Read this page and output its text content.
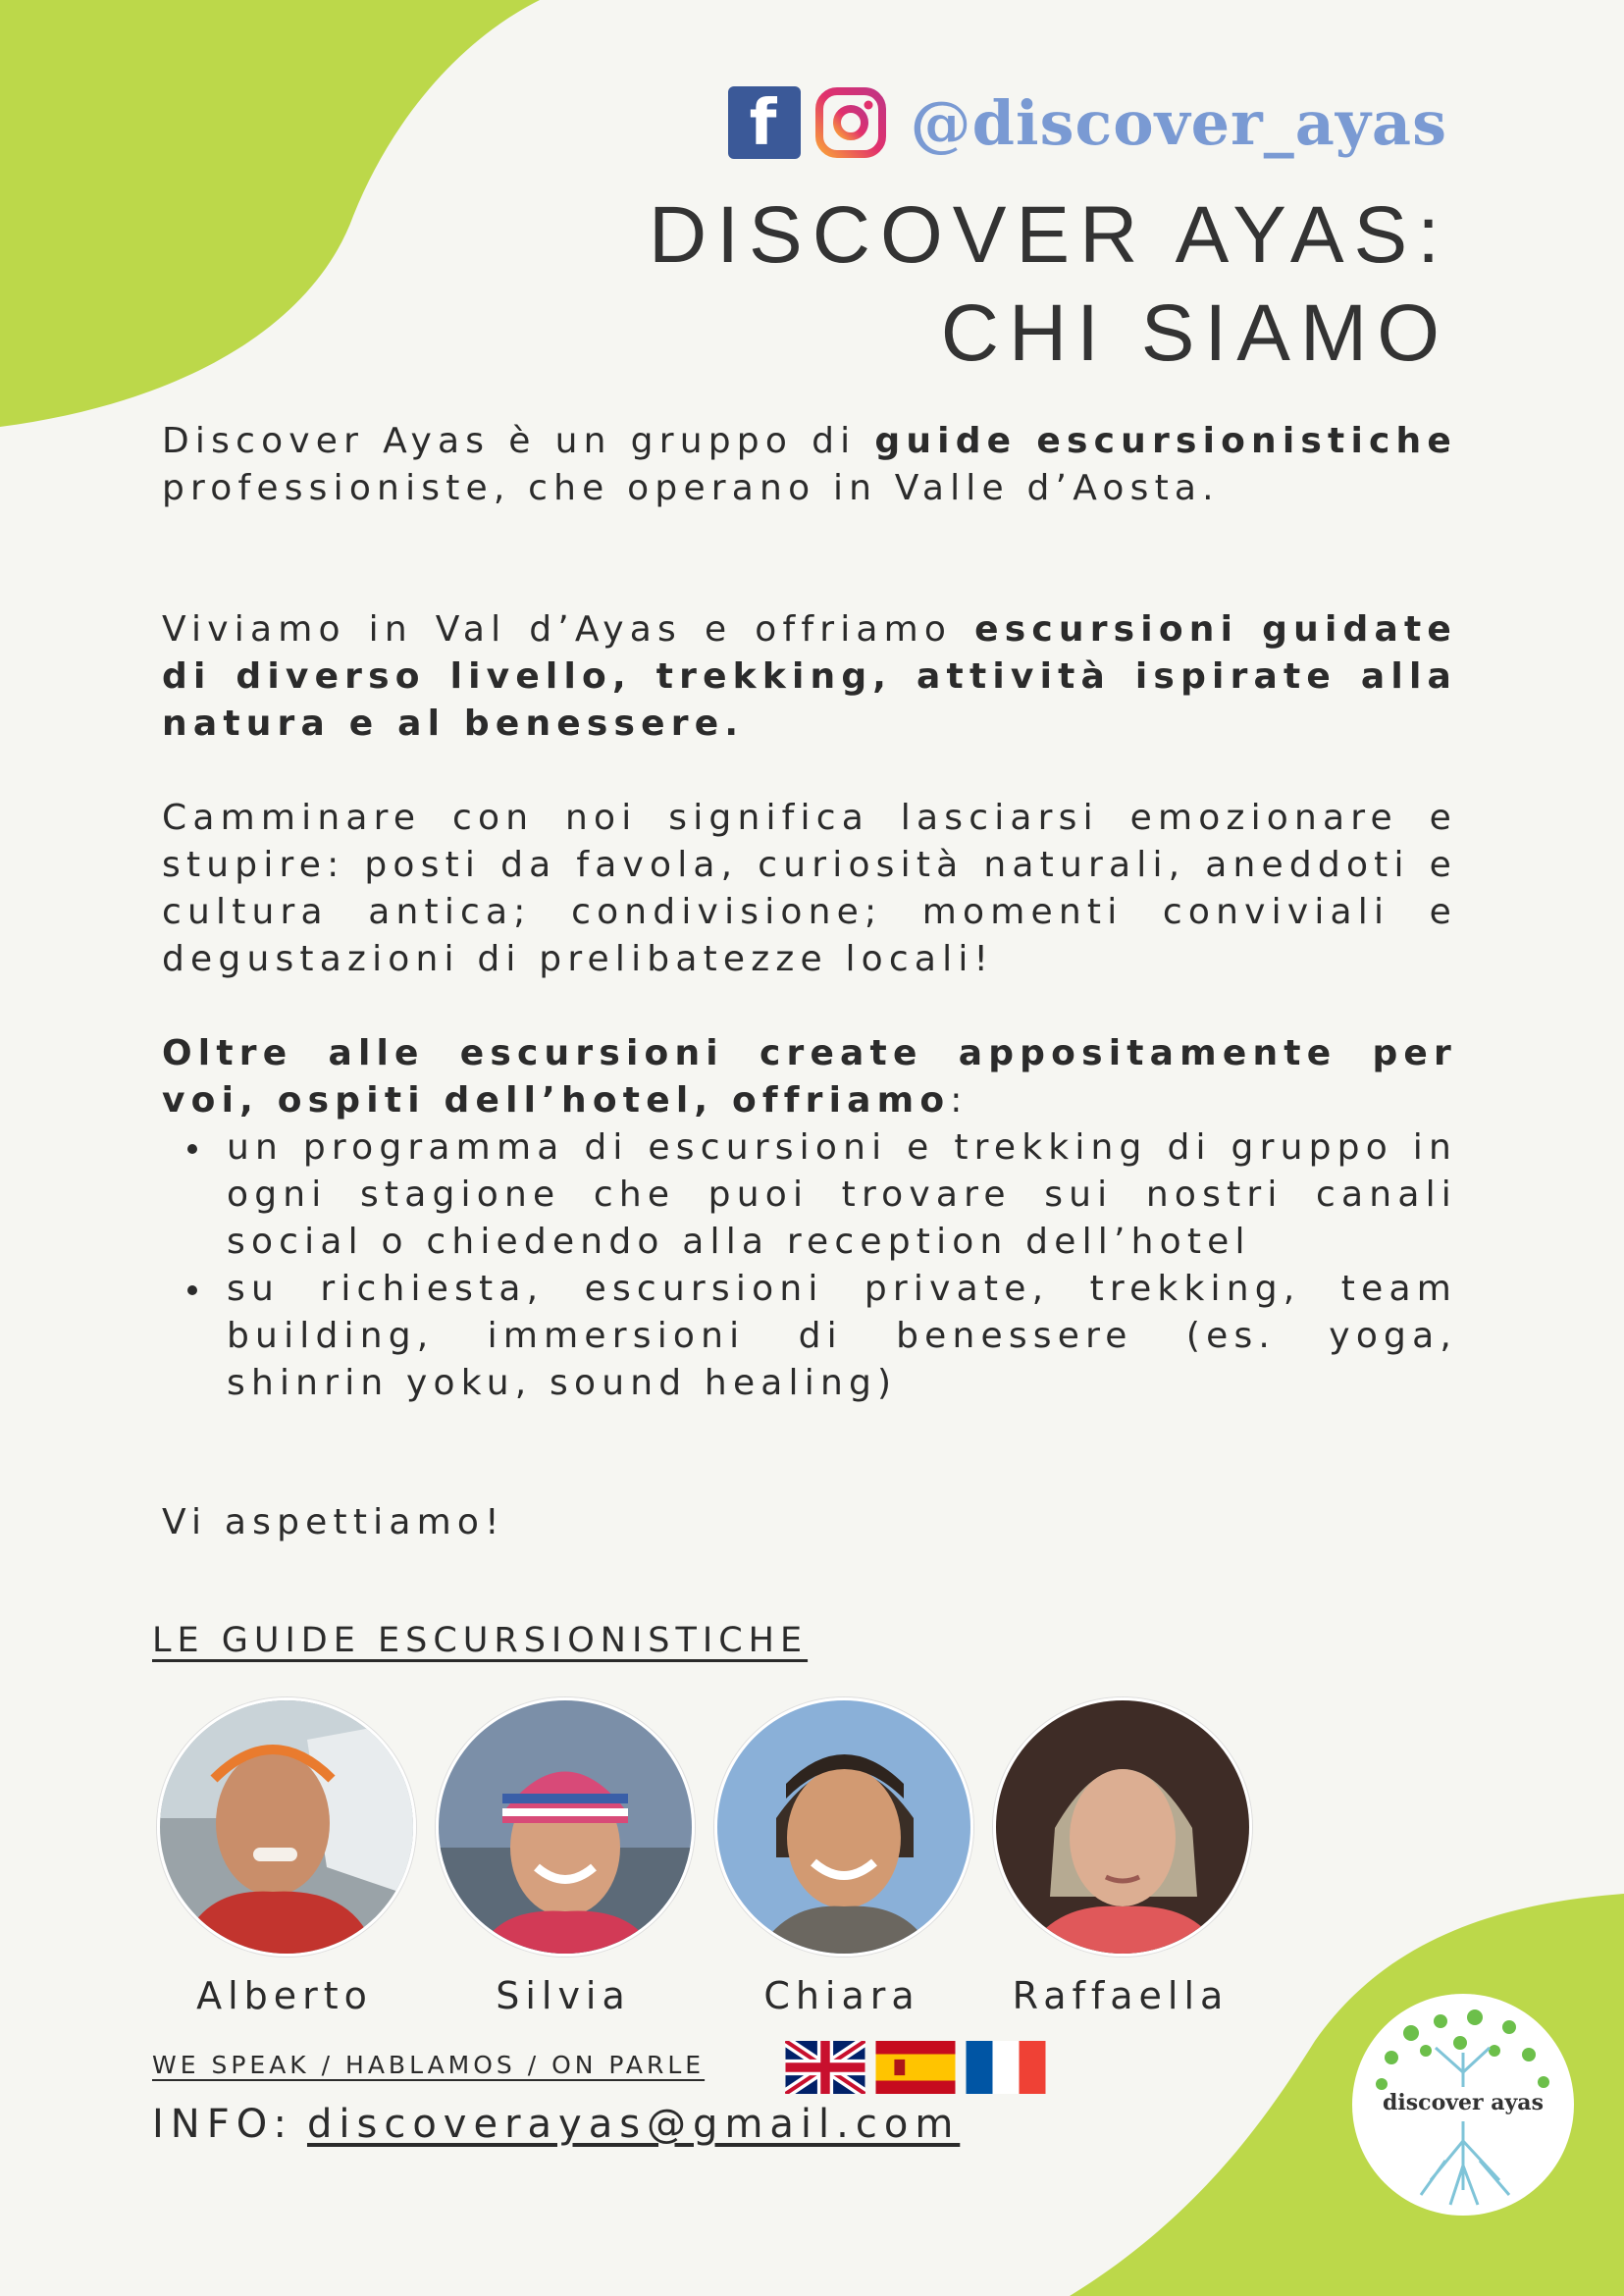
f @discover_ayas
DISCOVER AYAS:
CHI SIAMO

Discover Ayas è un gruppo di guide escursionistiche professioniste, che operano in Valle d’Aosta.

Viviamo in Val d’Ayas e offriamo escursioni guidate di diverso livello, trekking, attività ispirate alla natura e al benessere.

Camminare con noi significa lasciarsi emozionare e stupire: posti da favola, curiosità naturali, aneddoti e cultura antica; condivisione; momenti conviviali e degustazioni di prelibatezze locali!

Oltre alle escursioni create appositamente per voi, ospiti dell’hotel, offriamo:

un programma di escursioni e trekking di gruppo in ogni stagione che puoi trovare sui nostri canali social o chiedendo alla reception dell’hotel
su richiesta, escursioni private, trekking, team building, immersioni di benessere (es. yoga, shinrin yoku, sound healing)

Vi aspettiamo!

LE GUIDE ESCURSIONISTICHE
Alberto	Silvia	Chiara	Raffaella
WE SPEAK / HABLAMOS / ON PARLE
INFO: discoverayas@gmail.com	discover ayas
